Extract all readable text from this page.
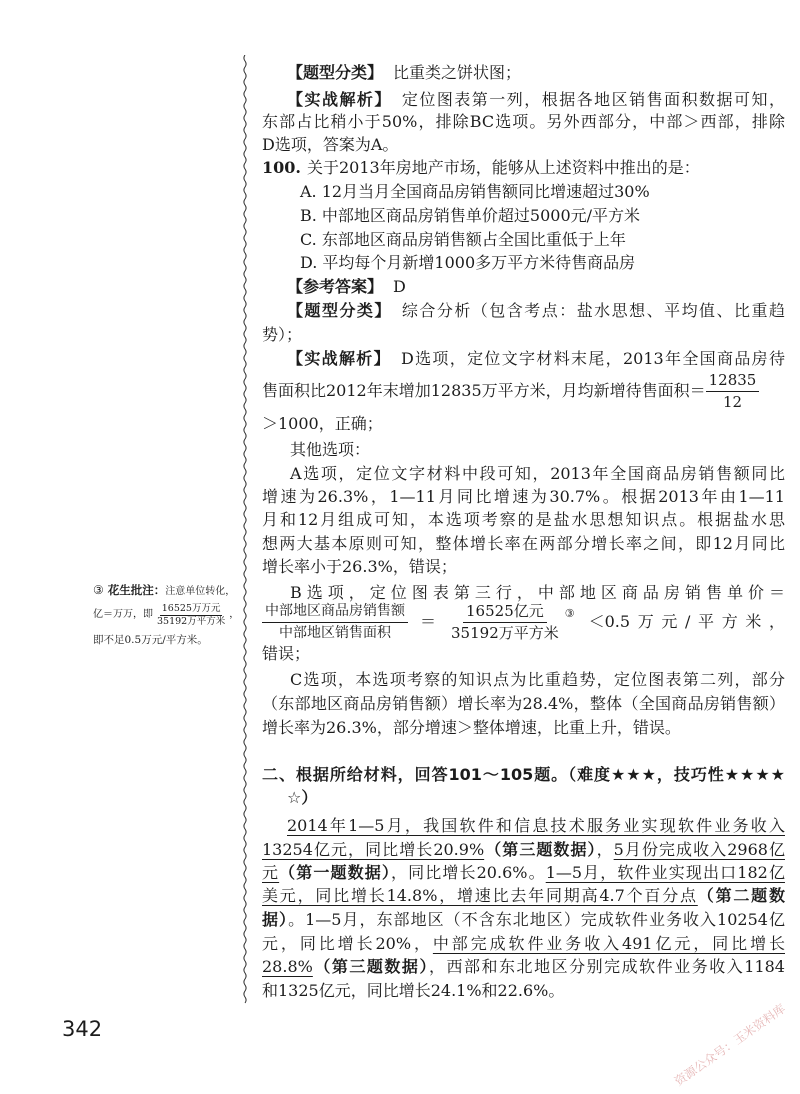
【题型分类】 比重类之饼状图；
【实战解析】 定位图表第一列，根据各地区销售面积数据可知，
东部占比稍小于50%，排除BC选项。另外西部分，中部＞西部，排除
D选项，答案为A。
100. 关于2013年房地产市场，能够从上述资料中推出的是：
A. 12月当月全国商品房销售额同比增速超过30%
B. 中部地区商品房销售单价超过5000元/平方米
C. 东部地区商品房销售额占全国比重低于上年
D. 平均每个月新增1000多万平方米待售商品房
【参考答案】 D
【题型分类】 综合分析（包含考点：盐水思想、平均值、比重趋
势）；
【实战解析】 D选项，定位文字材料末尾，2013年全国商品房待
售面积比2012年末增加12835万平方米，月均新增待售面积＝ $\frac{12835}{12}$
＞1000，正确；
其他选项：
A选项，定位文字材料中段可知，2013年全国商品房销售额同比
增速为26.3%，1—11月同比增速为30.7%。根据2013年由1—11
月和12月组成可知，本选项考察的是盐水思想知识点。根据盐水思
想两大基本原则可知，整体增长率在两部分增长率之间，即12月同比
增长率小于26.3%，错误；
B选项，定位图表第三行，中部地区商品房销售单价＝
$\frac{\text{中部地区商品房销售额}}{\text{中部地区销售面积}} = \frac{\text{16525亿元}}{\text{35192万平方米}}$ ③ ＜0.5万元/平方米，
错误；
C选项，本选项考察的知识点为比重趋势，定位图表第二列，部分
（东部地区商品房销售额）增长率为28.4%，整体（全国商品房销售额）
增长率为26.3%，部分增速＞整体增速，比重上升，错误。
③ 花生批注：注意单位转化，
亿＝万万，即 $\frac{\text{16525万万元}}{\text{35192万平方米}}$ ，
即不足0.5万元/平方米。
二、根据所给材料，回答101～105题。（难度★★★，技巧性★★★★
☆）
2014年1—5月，我国软件和信息技术服务业实现软件业务收入
13254亿元，同比增长20.9%（第三题数据），5月份完成收入2968亿
元（第一题数据），同比增长20.6%。1—5月，软件业实现出口182亿
美元，同比增长14.8%，增速比去年同期高4.7个百分点（第二题数
据）。1—5月，东部地区（不含东北地区）完成软件业务收入10254亿
元，同比增长20%，中部完成软件业务收入491亿元，同比增长
28.8%（第三题数据），西部和东北地区分别完成软件业务收入1184
和1325亿元，同比增长24.1%和22.6%。
342	资源公众号：玉米资料库
